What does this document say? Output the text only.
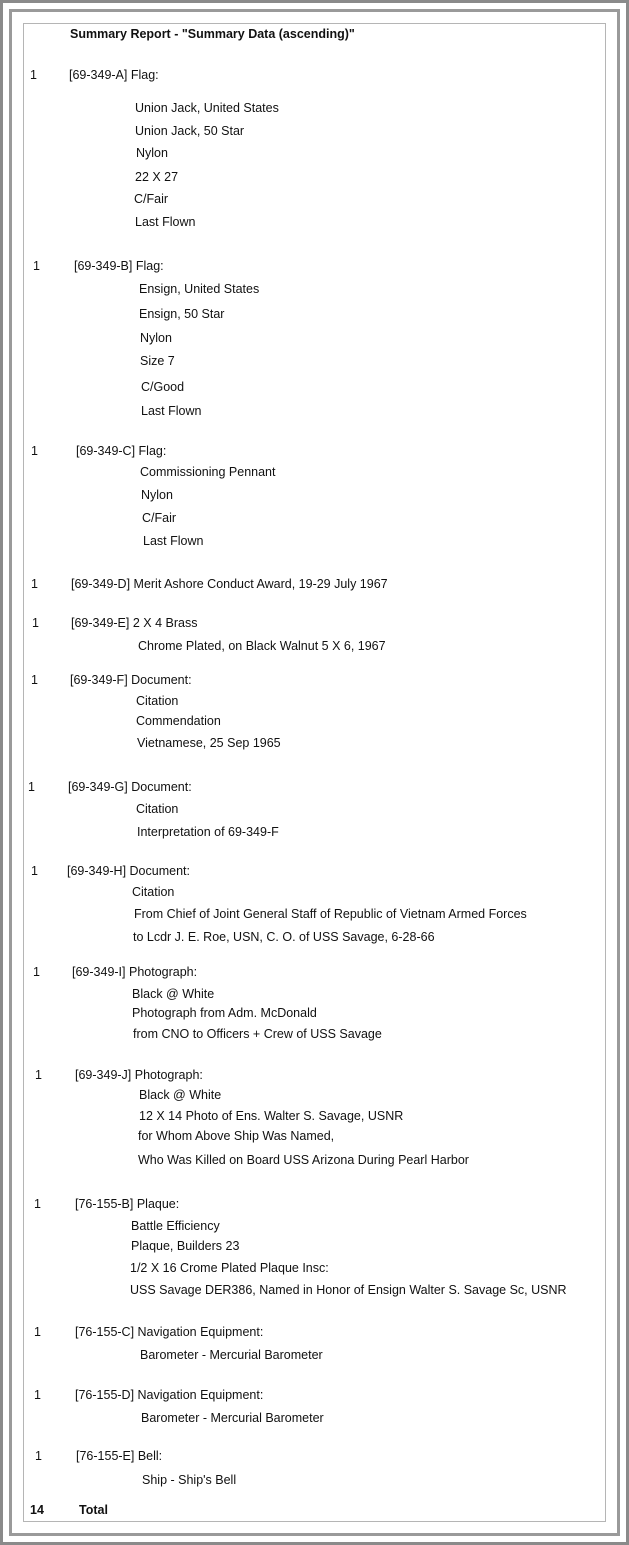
Summary Report - "Summary Data (ascending)"
1	[69-349-A] Flag:
Union Jack, United States
Union Jack, 50 Star
Nylon
22 X 27
C/Fair
Last Flown
1	[69-349-B] Flag:
Ensign, United States
Ensign, 50 Star
Nylon
Size 7
C/Good
Last Flown
1	[69-349-C] Flag:
Commissioning Pennant
Nylon
C/Fair
Last Flown
1	[69-349-D] Merit Ashore Conduct Award, 19-29 July 1967
1	[69-349-E] 2 X 4 Brass
Chrome Plated, on Black Walnut 5 X 6, 1967
1	[69-349-F] Document:
Citation
Commendation
Vietnamese, 25 Sep 1965
1	[69-349-G] Document:
Citation
Interpretation of 69-349-F
1 [69-349-H] Document:
Citation
From Chief of Joint General Staff of Republic of Vietnam Armed Forces
to Lcdr J. E. Roe, USN, C. O. of USS Savage, 6-28-66
1	[69-349-I] Photograph:
Black @ White
Photograph from Adm. McDonald
from CNO to Officers + Crew of USS Savage
1	[69-349-J] Photograph:
Black @ White
12 X 14 Photo of Ens. Walter S. Savage, USNR
for Whom Above Ship Was Named,
Who Was Killed on Board USS Arizona During Pearl Harbor
1	[76-155-B] Plaque:
Battle Efficiency
Plaque, Builders 23
1/2 X 16 Crome Plated Plaque Insc:
USS Savage DER386, Named in Honor of Ensign Walter S. Savage Sc, USNR
1	[76-155-C] Navigation Equipment:
Barometer - Mercurial Barometer
1	[76-155-D] Navigation Equipment:
Barometer - Mercurial Barometer
1	[76-155-E] Bell:
Ship - Ship's Bell
14	Total
